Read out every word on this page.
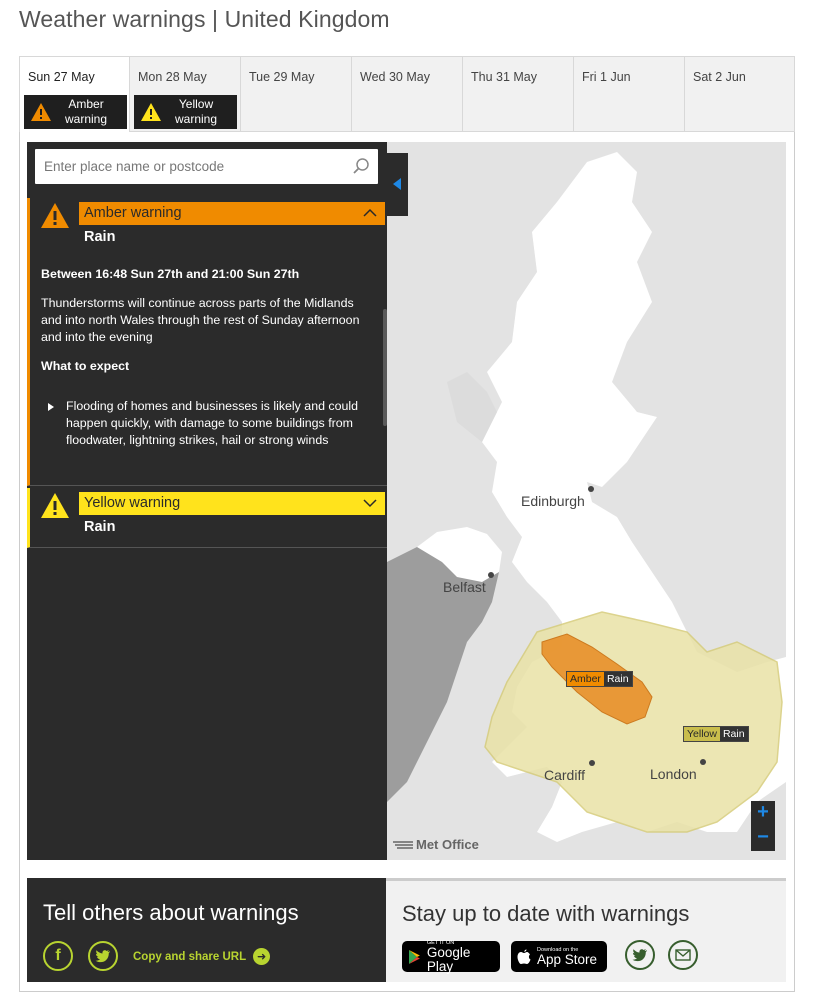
Weather warnings | United Kingdom
Sun 27 May
Amber
warning
Mon 28 May
Yellow
warning
Tue 29 May	Wed 30 May	Thu 31 May	Fri 1 Jun	Sat 2 Jun
Enter place name or postcode
Amber warning
Rain
Between 16:48 Sun 27th and 21:00 Sun 27th
Thunderstorms will continue across parts of the Midlands and into north Wales through the rest of Sunday afternoon and into the evening
What to expect
Flooding of homes and businesses is likely and could happen quickly, with damage to some buildings from floodwater, lightning strikes, hail or strong winds
Yellow warning
Rain
Edinburgh
Belfast
Cardiff	London
Amber Rain
Yellow Rain
+
−
Met Office
Tell others about warnings
f	Copy and share URL ➜
Stay up to date with warnings
GET IT ON
Google Play
Download on the
App Store
